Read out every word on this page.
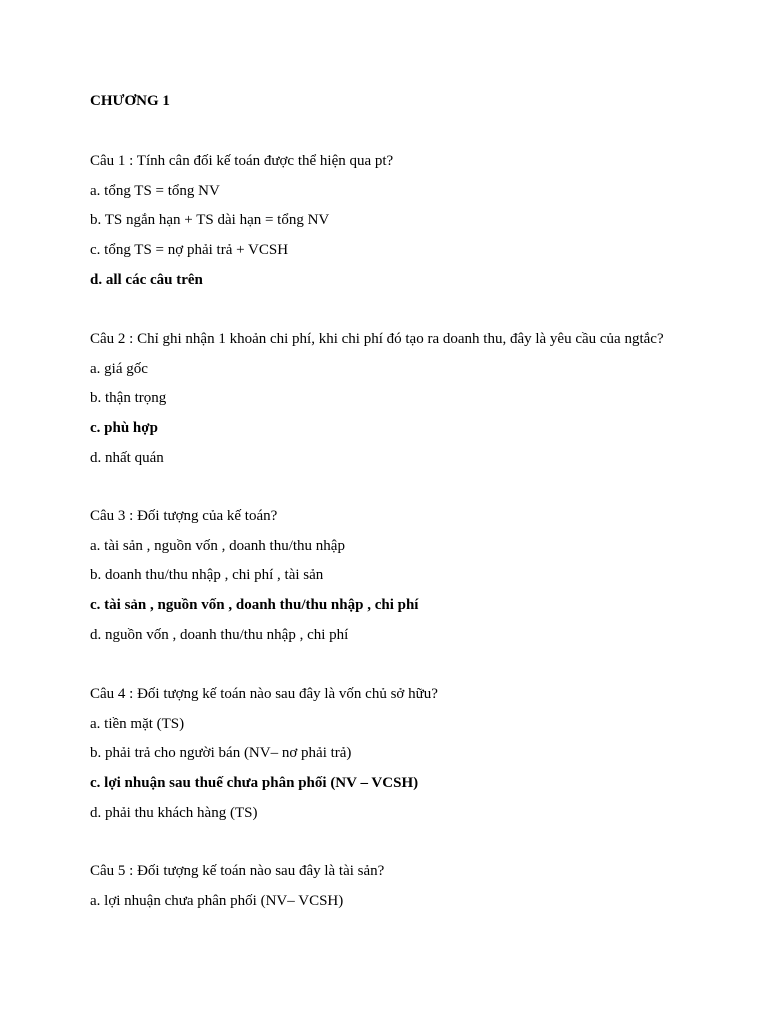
CHƯƠNG 1
Câu 1 : Tính cân đối kế toán được thể hiện qua pt?
a. tổng TS = tổng NV
b. TS ngắn hạn + TS dài hạn = tổng NV
c. tổng TS = nợ phải trả + VCSH
d. all các câu trên
Câu 2 : Chỉ ghi nhận 1 khoản chi phí, khi chi phí đó tạo ra doanh thu, đây là yêu cầu của ngtắc?
a. giá gốc
b. thận trọng
c. phù hợp
d. nhất quán
Câu 3 : Đối tượng của kế toán?
a. tài sản , nguồn vốn , doanh thu/thu nhập
b. doanh thu/thu nhập , chi phí , tài sản
c. tài sản , nguồn vốn , doanh thu/thu nhập , chi phí
d. nguồn vốn , doanh thu/thu nhập , chi phí
Câu 4 : Đối tượng kế toán nào sau đây là vốn chủ sở hữu?
a. tiền mặt (TS)
b. phải trả cho người bán (NV– nơ phải trả)
c. lợi nhuận sau thuế chưa phân phối (NV – VCSH)
d. phải thu khách hàng (TS)
Câu 5 : Đối tượng kế toán nào sau đây là tài sản?
a. lợi nhuận chưa phân phối (NV– VCSH)
